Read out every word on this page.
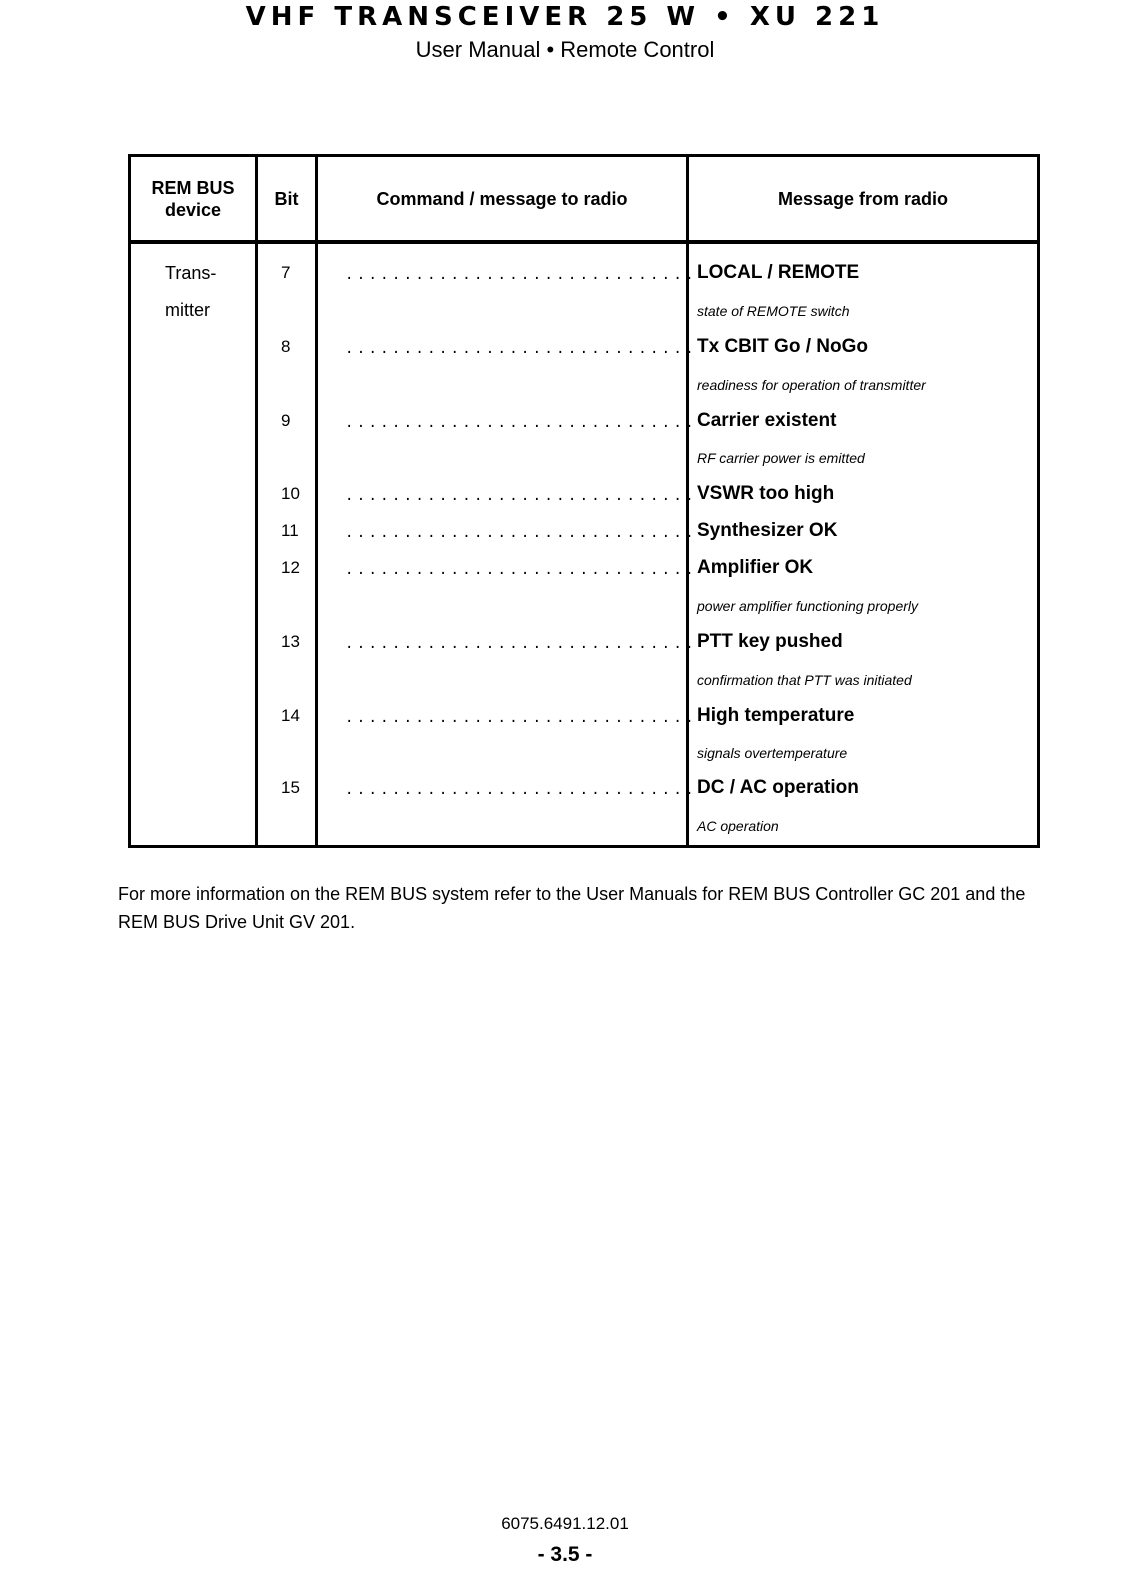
VHF TRANSCEIVER 25 W • XU 221
User Manual • Remote Control
REM BUS device
Bit	Command / message to radio	Message from radio
Trans-
mitter
7	.............................. LOCAL / REMOTE
state of REMOTE switch
8	.............................. Tx CBIT Go / NoGo
readiness for operation of transmitter
9	.............................. Carrier existent
RF carrier power is emitted
10	.............................. VSWR too high
11	.............................. Synthesizer OK
12	.............................. Amplifier OK
power amplifier functioning properly
13	.............................. PTT key pushed
confirmation that PTT was initiated
14	.............................. High temperature
signals overtemperature
15	.............................. DC / AC operation
AC operation
For more information on the REM BUS system refer to the User Manuals for REM BUS Controller GC 201 and the REM BUS Drive Unit GV 201.
6075.6491.12.01
- 3.5 -
